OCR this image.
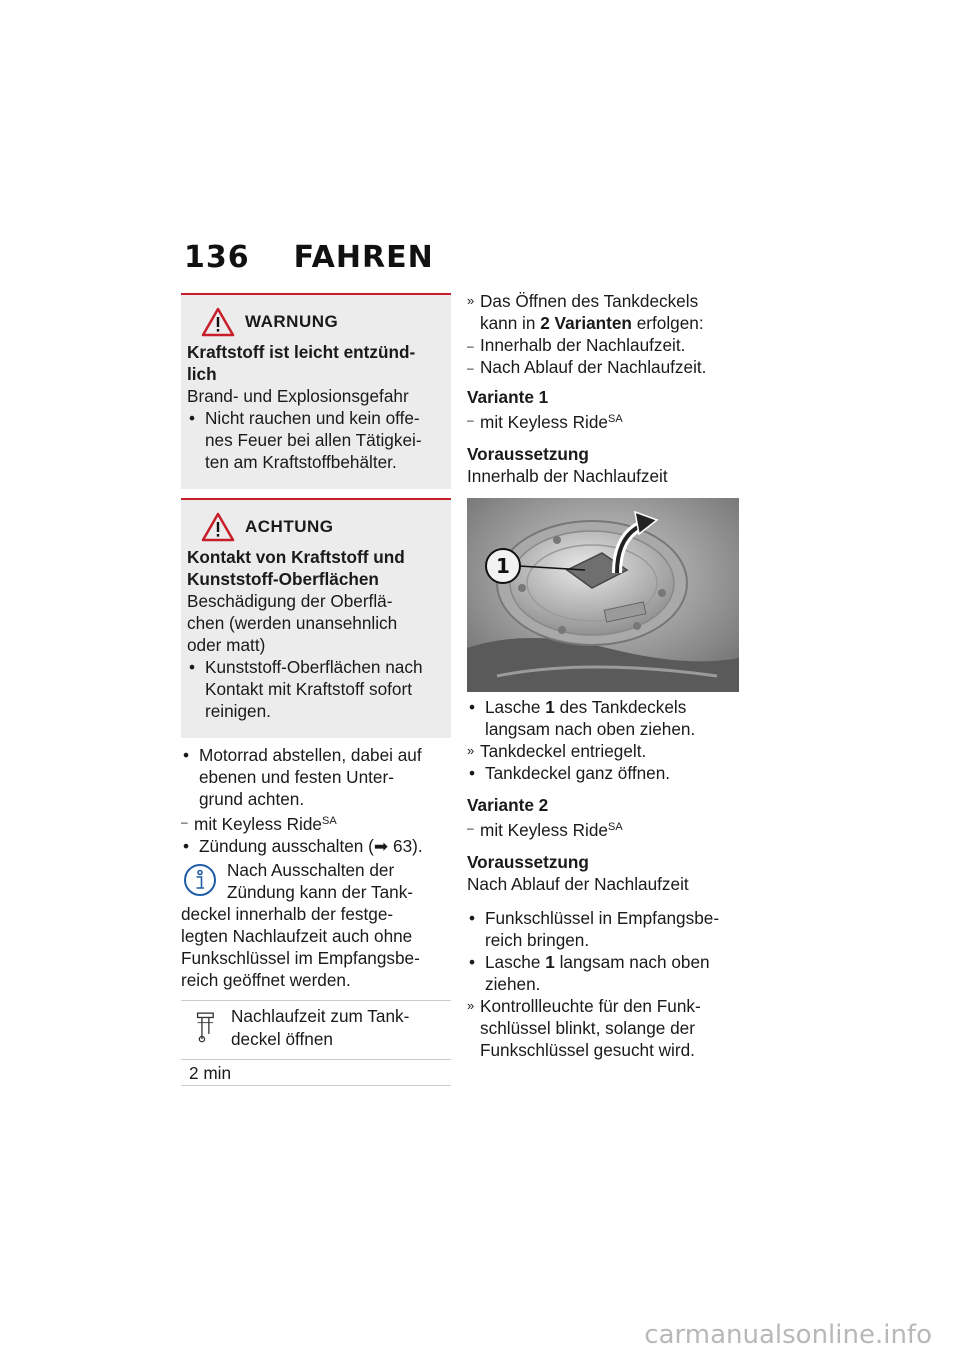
136 FAHREN
WARNUNG

Kraftstoff ist leicht entzünd-

lich

Brand- und Explosionsgefahr

• Nicht rauchen und kein offe-

nes Feuer bei allen Tätigkei-

ten am Kraftstoffbehälter.

ACHTUNG

Kontakt von Kraftstoff und

Kunststoff-Oberflächen

Beschädigung der Oberflä-

chen (werden unansehnlich

oder matt)

• Kunststoff-Oberflächen nach

Kontakt mit Kraftstoff sofort

reinigen.

• Motorrad abstellen, dabei auf

ebenen und festen Unter-

grund achten.

– mit Keyless Ride$^{SA}$

• Zündung ausschalten (➡ 63).

Nach Ausschalten der

Zündung kann der Tank-

deckel innerhalb der festge-

legten Nachlaufzeit auch ohne

Funkschlüssel im Empfangsbe-

reich geöffnet werden.

Nachlaufzeit zum Tank-

deckel öffnen

2 min

» Das Öffnen des Tankdeckels

kann in 2 Varianten erfolgen:

– Innerhalb der Nachlaufzeit.

– Nach Ablauf der Nachlaufzeit.

Variante 1

– mit Keyless Ride$^{SA}$

Voraussetzung

Innerhalb der Nachlaufzeit

1

• Lasche 1 des Tankdeckels

langsam nach oben ziehen.

» Tankdeckel entriegelt.

• Tankdeckel ganz öffnen.

Variante 2

– mit Keyless Ride$^{SA}$

Voraussetzung

Nach Ablauf der Nachlaufzeit

• Funkschlüssel in Empfangsbe-

reich bringen.

• Lasche 1 langsam nach oben

ziehen.

» Kontrollleuchte für den Funk-

schlüssel blinkt, solange der

Funkschlüssel gesucht wird.

carmanualsonline.info
